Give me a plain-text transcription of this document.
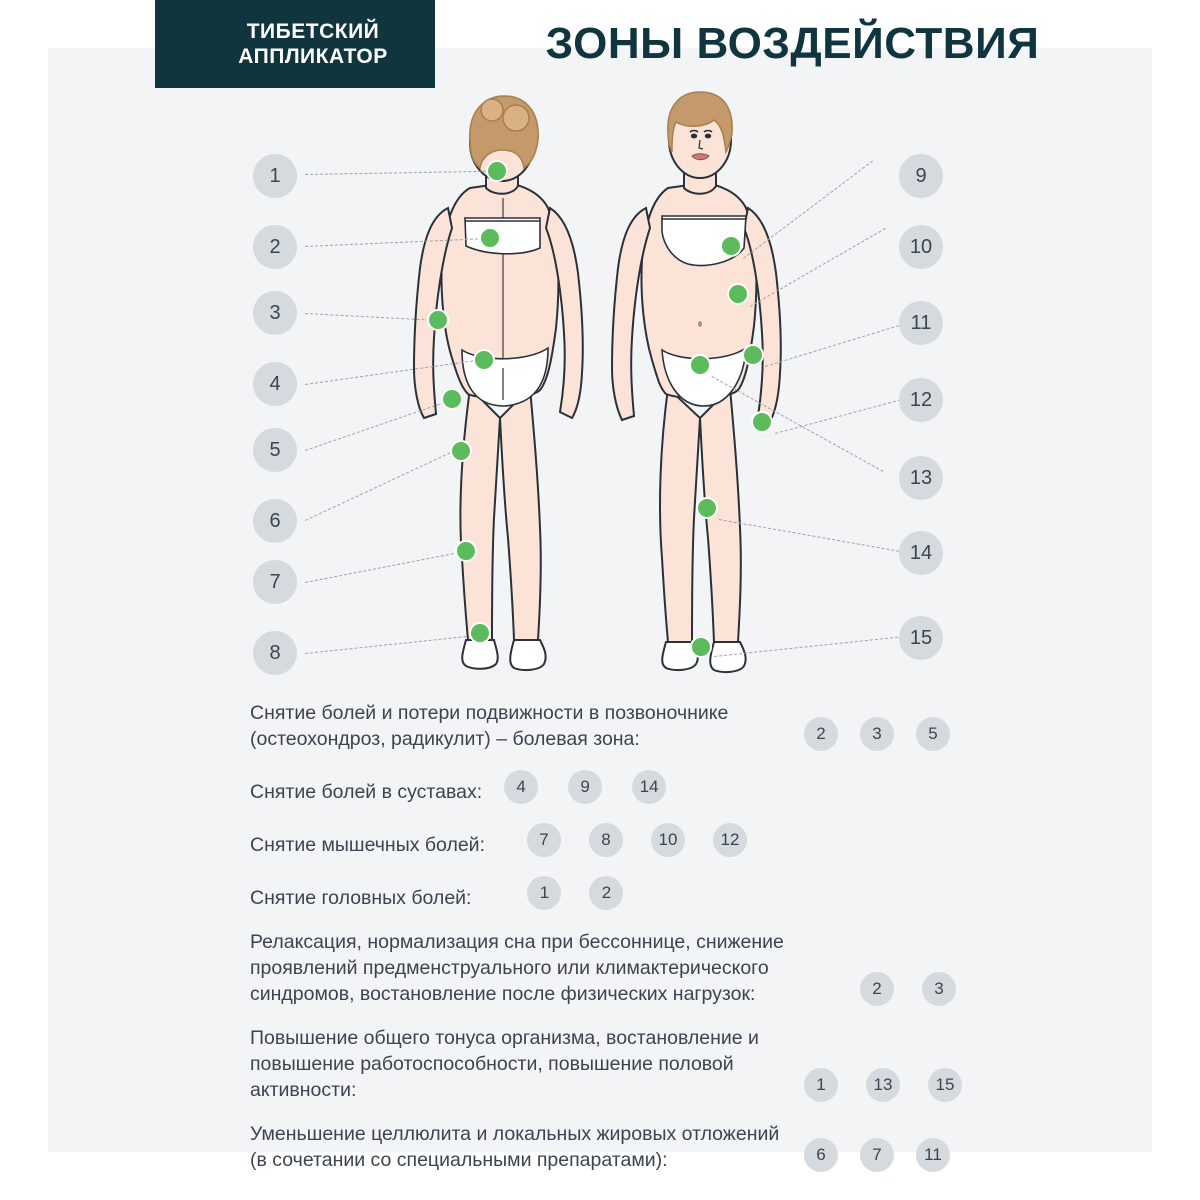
ТИБЕТСКИЙ
АППЛИКАТОР	ЗОНЫ ВОЗДЕЙСТВИЯ
1
2
3
4
5
6
7
8
9
10
11
12
13
14
15
Снятие болей и потери подвижности в позвоночнике (остеохондроз, радикулит) – болевая зона:	2	3	5
Снятие болей в суставах:	4	9	14
Снятие мышечных болей:	7	8	10	12
Снятие головных болей:	1	2
Релаксация, нормализация сна при бессоннице, снижение проявлений предменструального или климактерического синдромов, востановление после физических нагрузок:	2	3
Повышение общего тонуса организма, востановление и повышение работоспособности, повышение половой активности:	1	13	15
Уменьшение целлюлита и локальных жировых отложений (в сочетании со специальными препаратами):	6	7	11
